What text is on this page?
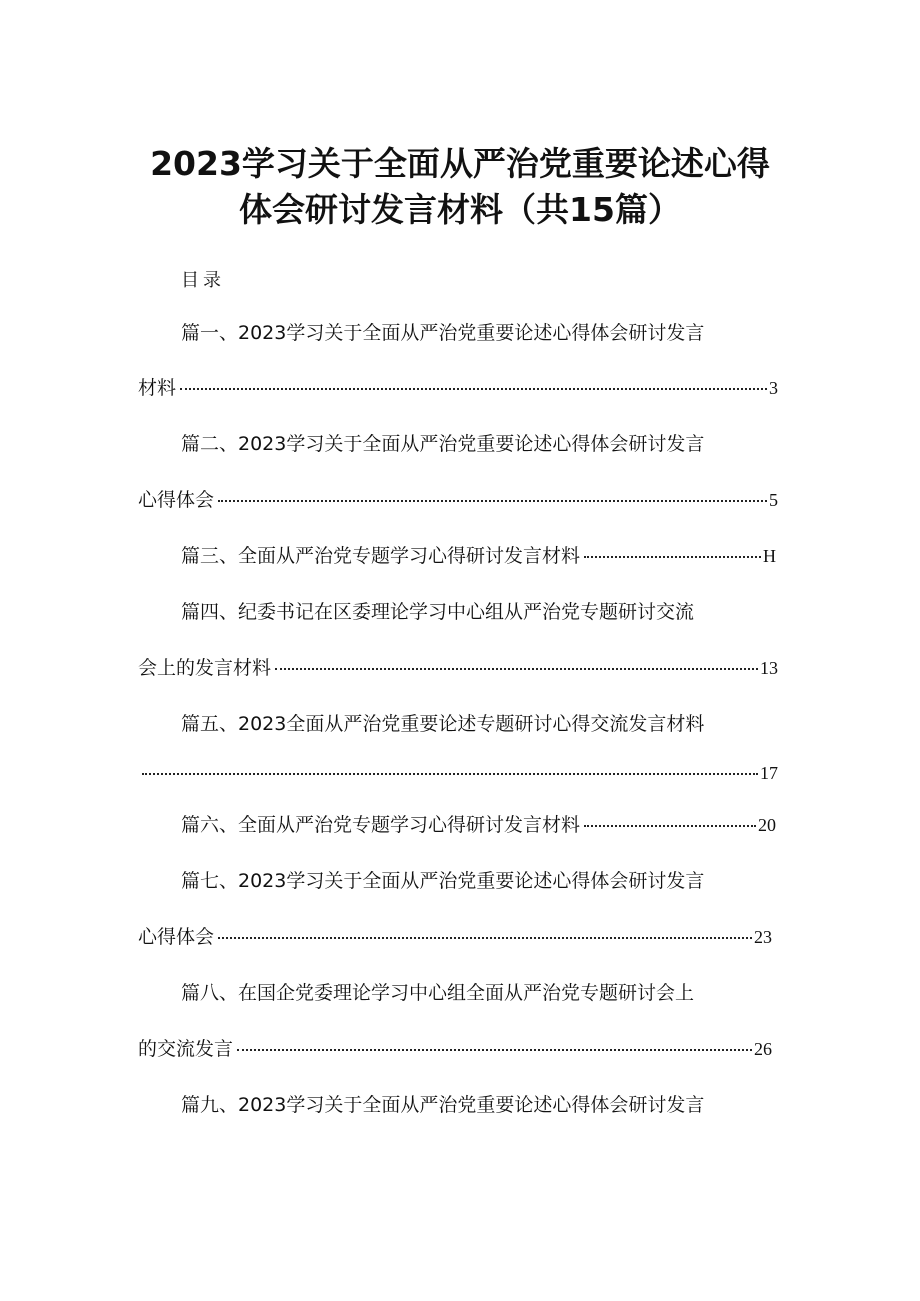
2023学习关于全面从严治党重要论述心得
体会研讨发言材料（共15篇）
目录
篇一、2023学习关于全面从严治党重要论述心得体会研讨发言
材料	3
篇二、2023学习关于全面从严治党重要论述心得体会研讨发言
心得体会	5
篇三、全面从严治党专题学习心得研讨发言材料	H
篇四、纪委书记在区委理论学习中心组从严治党专题研讨交流
会上的发言材料	13
篇五、2023全面从严治党重要论述专题研讨心得交流发言材料
17
篇六、全面从严治党专题学习心得研讨发言材料	20
篇七、2023学习关于全面从严治党重要论述心得体会研讨发言
心得体会	23
篇八、在国企党委理论学习中心组全面从严治党专题研讨会上
的交流发言	26
篇九、2023学习关于全面从严治党重要论述心得体会研讨发言
